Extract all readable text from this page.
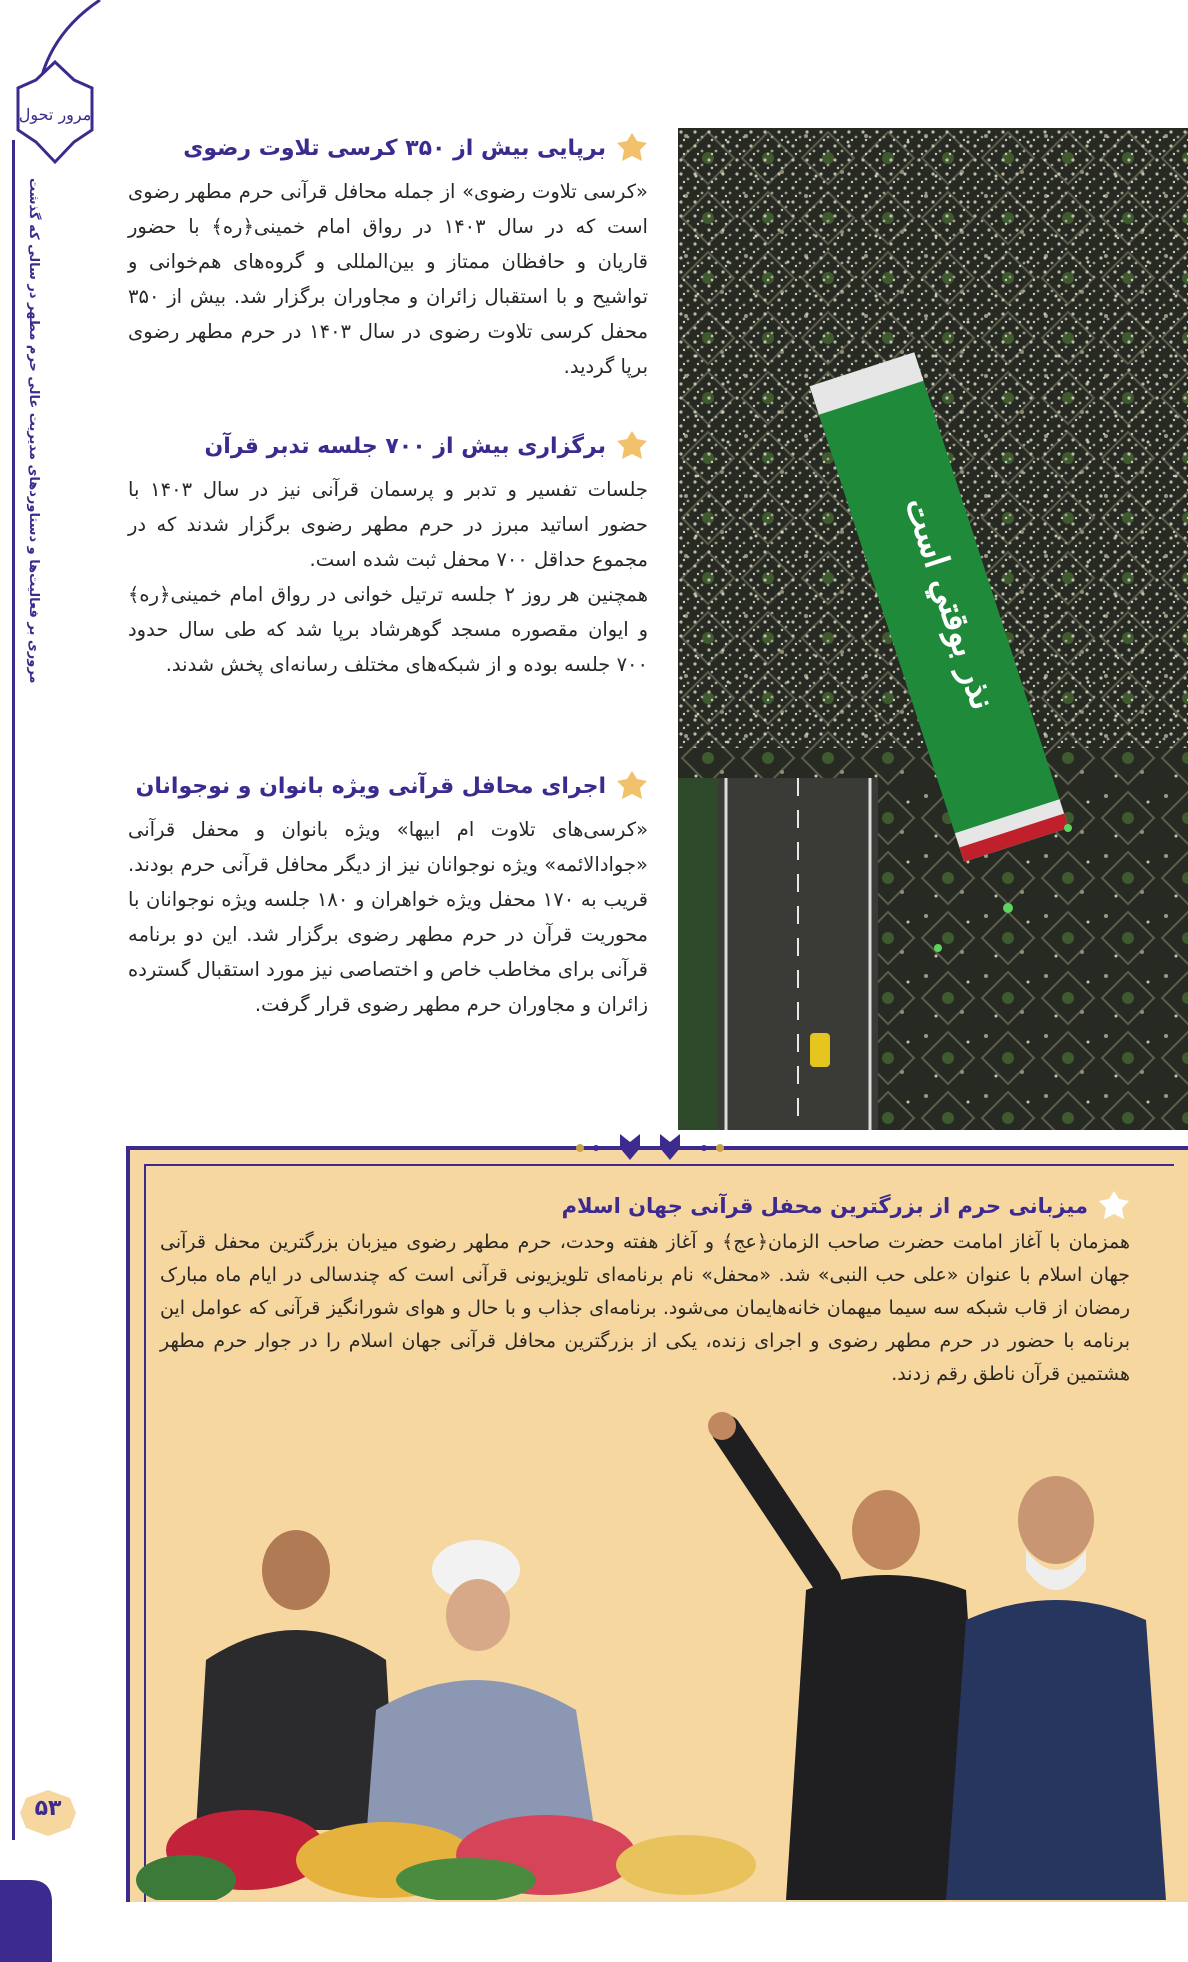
مرور تحول
مروری بر فعالیت‌ها و دستاوردهای مدیریت عالی حرم مطهر در سالی که گذشت
۵۳
برپایی بیش از ۳۵۰ کرسی تلاوت رضوی

«کرسی تلاوت رضوی» از جمله محافل قرآنی حرم مطهر رضوی است که در سال ۱۴۰۳ در رواق امام خمینی﴿ره﴾ با حضور قاریان و حافظان ممتاز و بین‌المللی و گروه‌های هم‌خوانی و تواشیح و با استقبال زائران و مجاوران برگزار شد. بیش از ۳۵۰ محفل کرسی تلاوت رضوی در سال ۱۴۰۳ در حرم مطهر رضوی برپا گردید.

برگزاری بیش از ۷۰۰ جلسه تدبر قرآن

جلسات تفسیر و تدبر و پرسمان قرآنی نیز در سال ۱۴۰۳ با حضور اساتید مبرز در حرم مطهر رضوی برگزار شدند که در مجموع حداقل ۷۰۰ محفل ثبت شده است.

همچنین هر روز ۲ جلسه ترتیل خوانی در رواق امام خمینی﴿ره﴾ و ایوان مقصوره مسجد گوهرشاد برپا شد که طی سال حدود ۷۰۰ جلسه بوده و از شبکه‌های مختلف رسانه‌ای پخش شدند.

اجرای محافل قرآنی ویژه بانوان و نوجوانان

«کرسی‌های تلاوت ام ابیها» ویژه بانوان و محفل قرآنی «جوادالائمه» ویژه نوجوانان نیز از دیگر محافل قرآنی حرم بودند. قریب به ۱۷۰ محفل ویژه خواهران و ۱۸۰ جلسه ویژه نوجوانان با محوریت قرآن در حرم مطهر رضوی برگزار شد. این دو برنامه قرآنی برای مخاطب خاص و اختصاصی نیز مورد استقبال گسترده زائران و مجاوران حرم مطهر رضوی قرار گرفت.

نذر بوقتي است
میزبانی حرم از بزرگترین محفل قرآنی جهان اسلام

همزمان با آغاز امامت حضرت صاحب الزمان﴿عج﴾ و آغاز هفته وحدت، حرم مطهر رضوی میزبان بزرگترین محفل قرآنی جهان اسلام با عنوان «علی حب النبی» شد. «محفل» نام برنامه‌ای تلویزیونی قرآنی است که چندسالی در ایام ماه مبارک رمضان از قاب شبکه سه سیما میهمان خانه‌هایمان می‌شود. برنامه‌ای جذاب و با حال و هوای شورانگیز قرآنی که عوامل این برنامه با حضور در حرم مطهر رضوی و اجرای زنده، یکی از بزرگترین محافل قرآنی جهان اسلام را در جوار حرم مطهر هشتمین قرآن ناطق رقم زدند.
